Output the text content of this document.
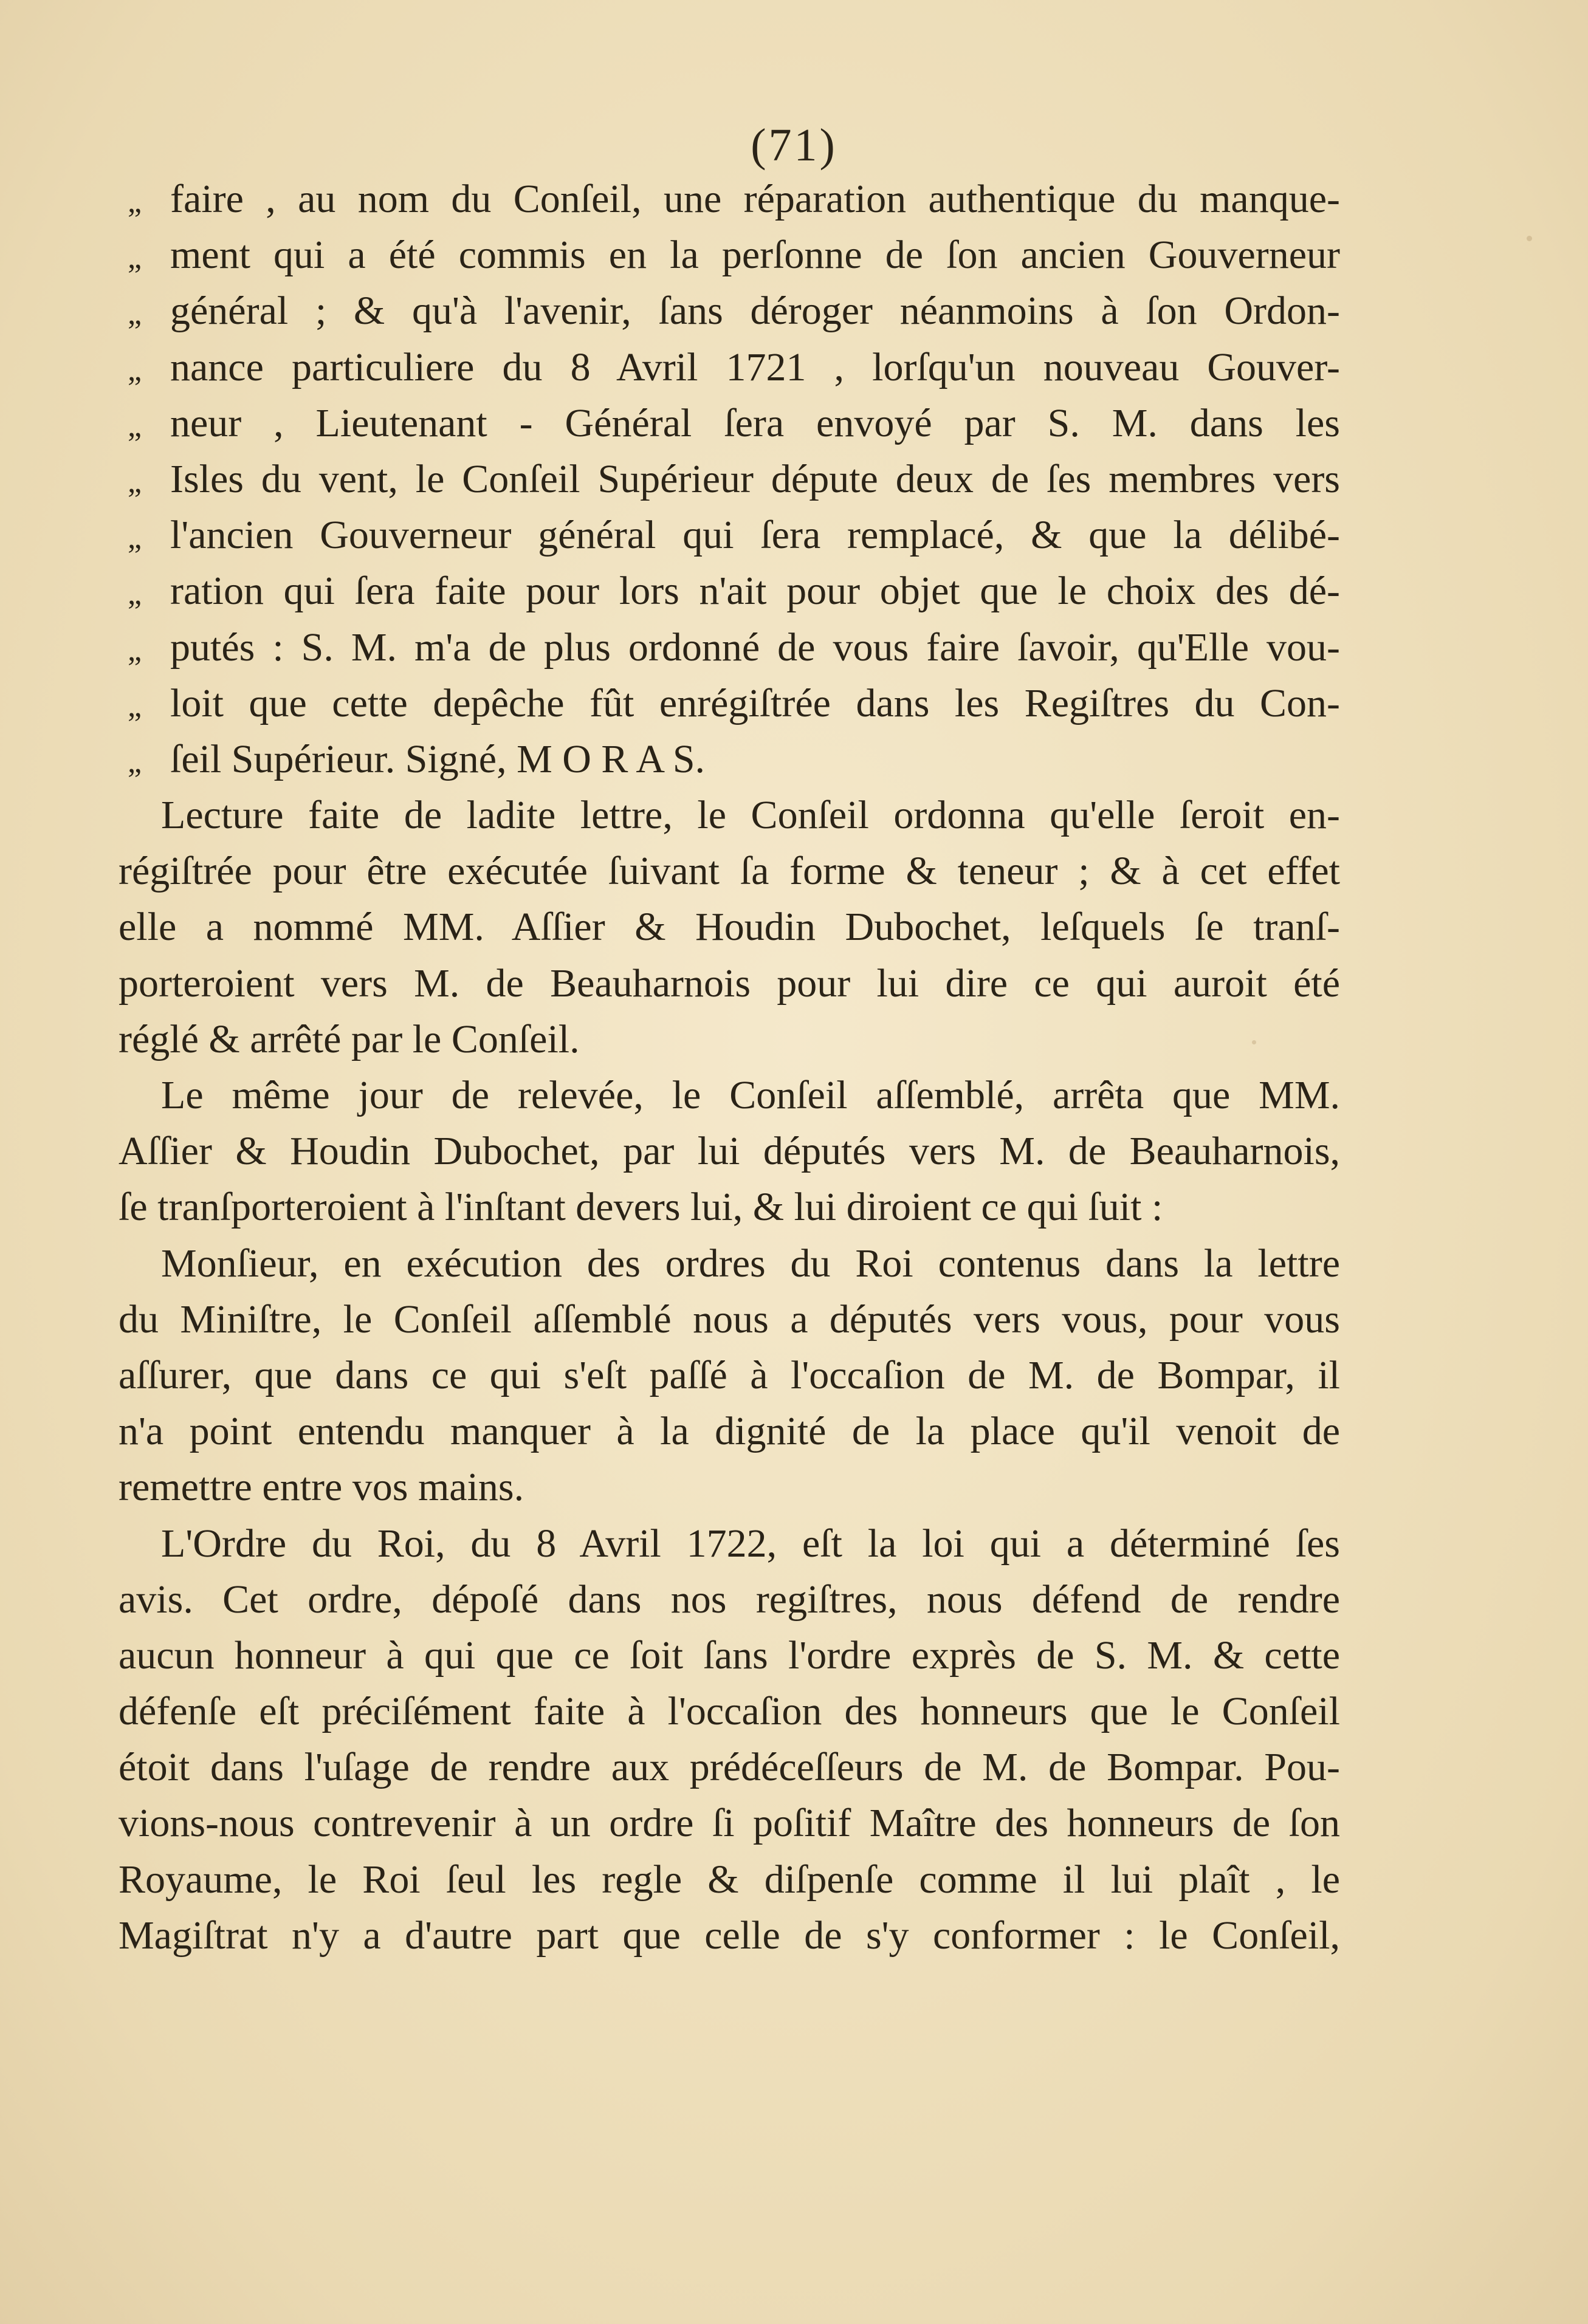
(71)
„ faire , au nom du Conſeil, une réparation authentique du manque-
„ ment qui a été commis en la perſonne de ſon ancien Gouverneur
„ général ; & qu'à l'avenir, ſans déroger néanmoins à ſon Ordon-
„ nance particuliere du 8 Avril 1721 , lorſqu'un nouveau Gouver-
„ neur , Lieutenant - Général ſera envoyé par S. M. dans les
„ Isles du vent, le Conſeil Supérieur députe deux de ſes membres vers
„ l'ancien Gouverneur général qui ſera remplacé, & que la délibé-
„ ration qui ſera faite pour lors n'ait pour objet que le choix des dé-
„ putés : S. M. m'a de plus ordonné de vous faire ſavoir, qu'Elle vou-
„ loit que cette depêche fût enrégiſtrée dans les Regiſtres du Con-
„ ſeil Supérieur. Signé, M O R A S.
Lecture faite de ladite lettre, le Conſeil ordonna qu'elle ſeroit en-
régiſtrée pour être exécutée ſuivant ſa forme & teneur ; & à cet effet
elle a nommé MM. Aſſier & Houdin Dubochet, leſquels ſe tranſ-
porteroient vers M. de Beauharnois pour lui dire ce qui auroit été
réglé & arrêté par le Conſeil.
Le même jour de relevée, le Conſeil aſſemblé, arrêta que MM.
Aſſier & Houdin Dubochet, par lui députés vers M. de Beauharnois,
ſe tranſporteroient à l'inſtant devers lui, & lui diroient ce qui ſuit :
Monſieur, en exécution des ordres du Roi contenus dans la lettre
du Miniſtre, le Conſeil aſſemblé nous a députés vers vous, pour vous
aſſurer, que dans ce qui s'eſt paſſé à l'occaſion de M. de Bompar, il
n'a point entendu manquer à la dignité de la place qu'il venoit de
remettre entre vos mains.
L'Ordre du Roi, du 8 Avril 1722, eſt la loi qui a déterminé ſes
avis. Cet ordre, dépoſé dans nos regiſtres, nous défend de rendre
aucun honneur à qui que ce ſoit ſans l'ordre exprès de S. M. & cette
défenſe eſt préciſément faite à l'occaſion des honneurs que le Conſeil
étoit dans l'uſage de rendre aux prédéceſſeurs de M. de Bompar. Pou-
vions-nous contrevenir à un ordre ſi poſitif Maître des honneurs de ſon
Royaume, le Roi ſeul les regle & diſpenſe comme il lui plaît , le
Magiſtrat n'y a d'autre part que celle de s'y conformer : le Conſeil,
